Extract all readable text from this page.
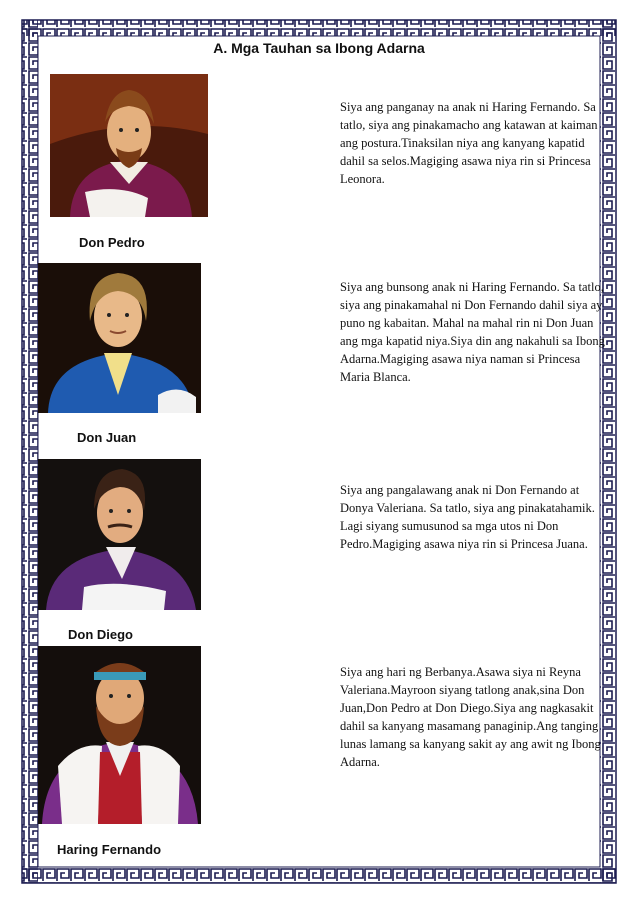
A. Mga Tauhan sa Ibong Adarna
Don Pedro
Siya ang panganay na anak ni Haring Fernando. Sa tatlo, siya ang pinakamacho ang katawan at kaiman ang postura.Tinaksilan niya ang kanyang kapatid dahil sa selos.Magiging asawa niya rin si Princesa Leonora.
Don Juan
Siya ang bunsong anak ni Haring Fernando. Sa tatlo, siya ang pinakamahal ni Don Fernando dahil siya ay puno ng kabaitan. Mahal na mahal rin ni Don Juan ang mga kapatid niya.Siya din ang nakahuli sa Ibong Adarna.Magiging asawa niya naman si Princesa Maria Blanca.
Don Diego
Siya ang pangalawang anak ni Don Fernando at Donya Valeriana. Sa tatlo, siya ang pinakatahamik. Lagi siyang sumusunod sa mga utos ni Don Pedro.Magiging asawa niya rin si Princesa Juana.
Haring Fernando
Siya ang hari ng Berbanya.Asawa siya ni Reyna Valeriana.Mayroon siyang tatlong anak,sina Don Juan,Don Pedro at Don Diego.Siya ang nagkasakit dahil sa kanyang masamang panaginip.Ang tanging lunas lamang sa kanyang sakit ay ang awit ng Ibong Adarna.
